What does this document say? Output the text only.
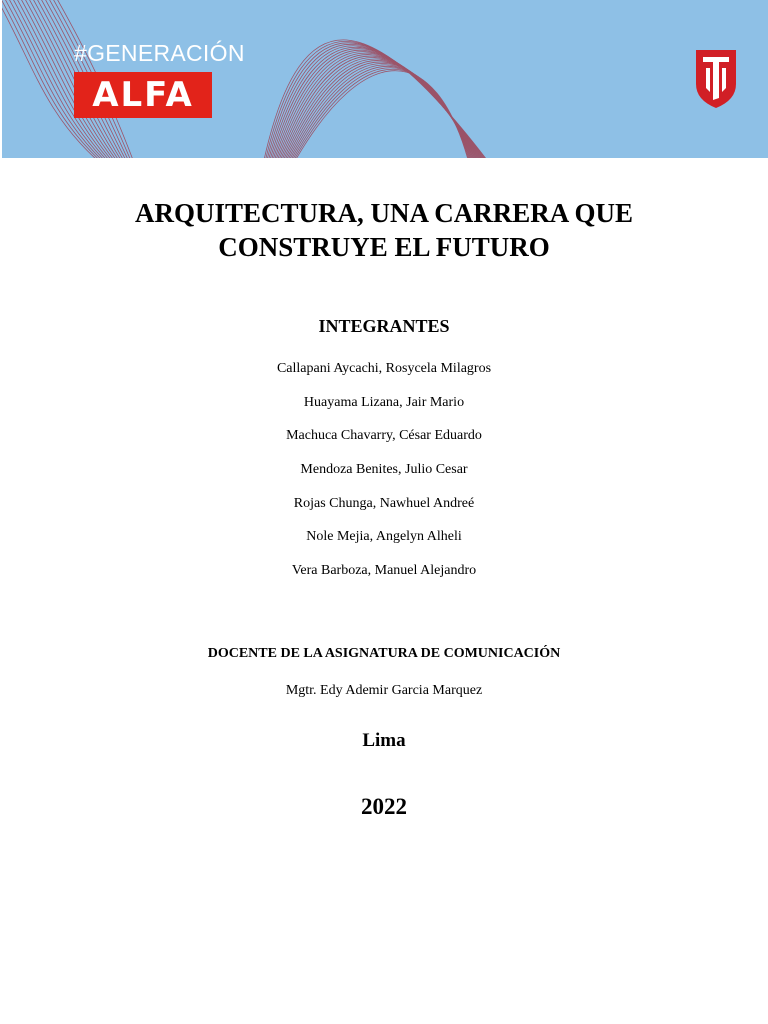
#GENERACIÓN
ALFA
ARQUITECTURA, UNA CARRERA QUE
CONSTRUYE EL FUTURO
INTEGRANTES
Callapani Aycachi, Rosycela Milagros
Huayama Lizana, Jair Mario
Machuca Chavarry, César Eduardo
Mendoza Benites, Julio Cesar
Rojas Chunga, Nawhuel Andreé
Nole Mejia, Angelyn Alheli
Vera Barboza, Manuel Alejandro
DOCENTE DE LA ASIGNATURA DE COMUNICACIÓN
Mgtr. Edy Ademir Garcia Marquez
Lima
2022
